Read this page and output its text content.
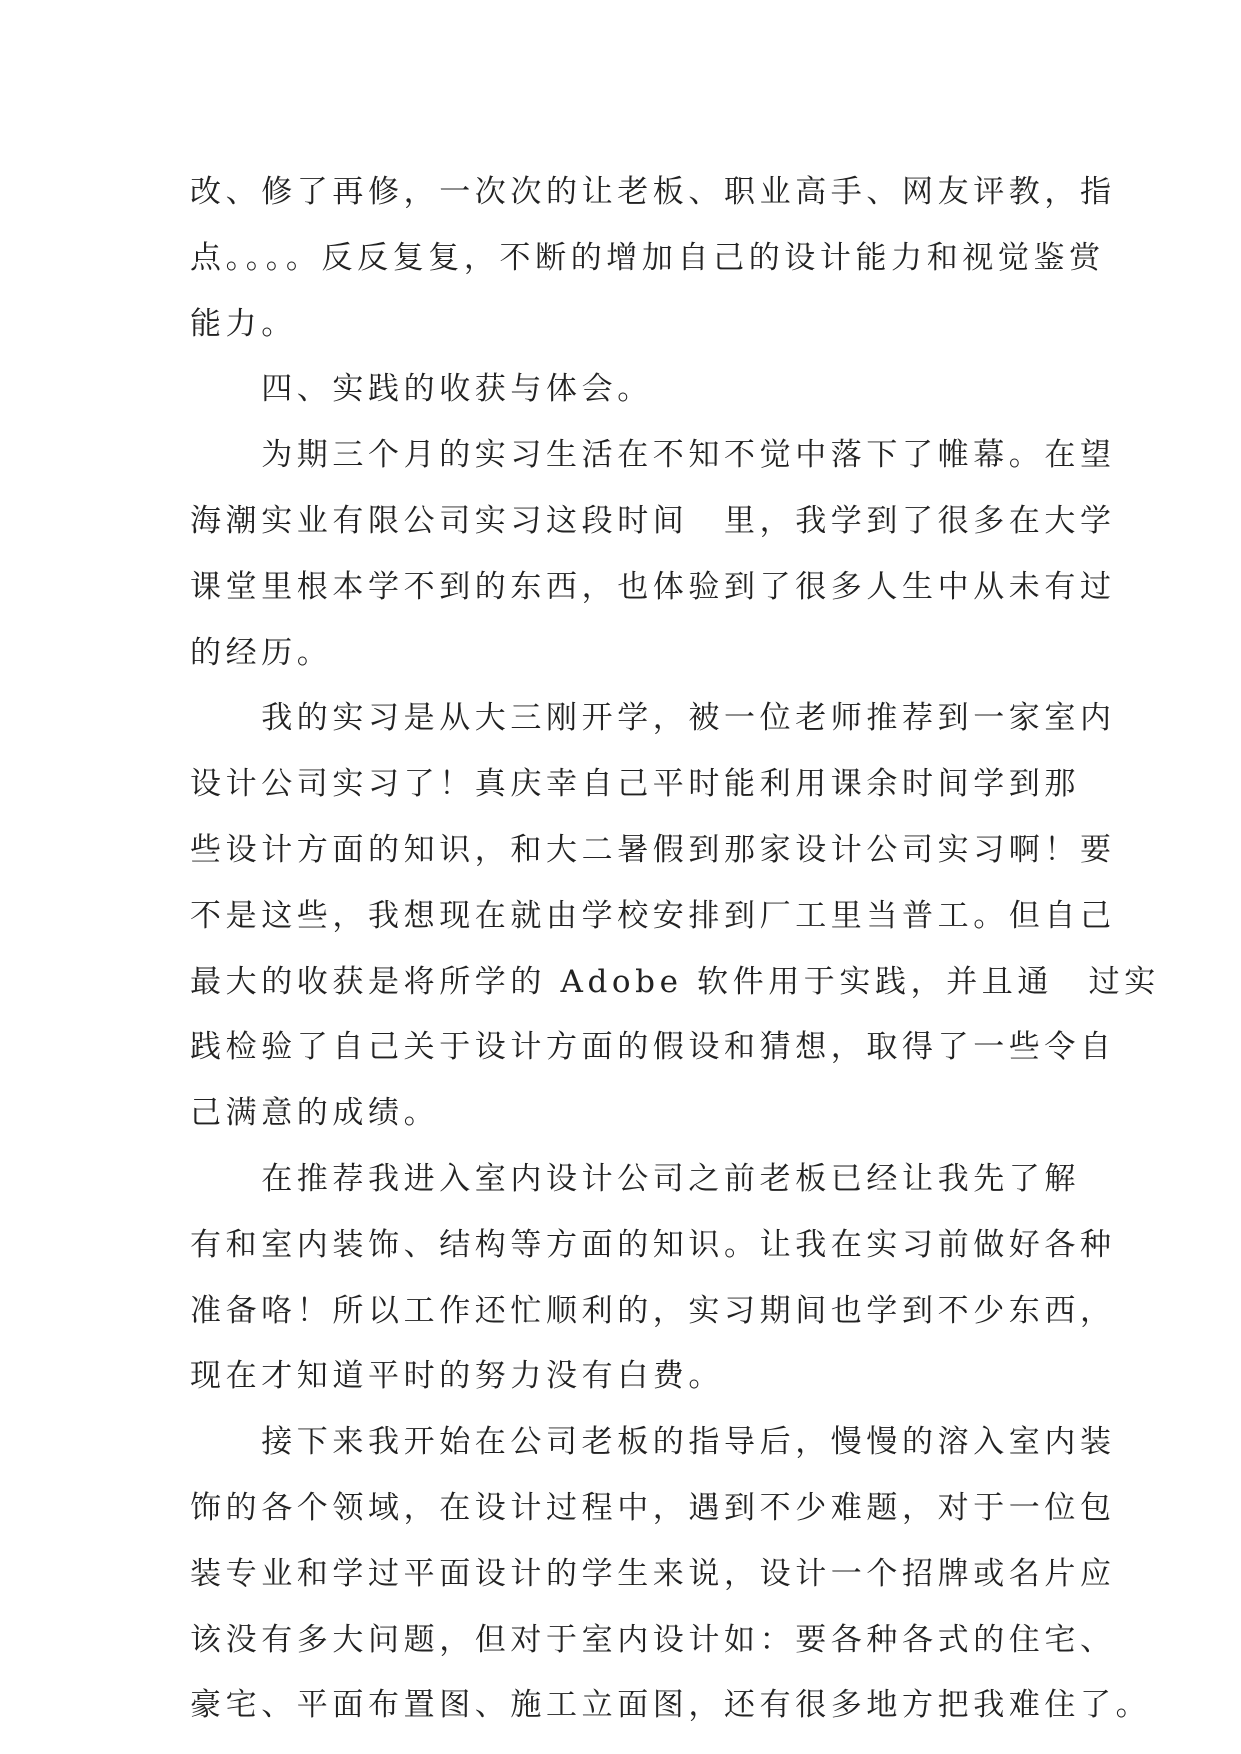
改、修了再修，一次次的让老板、职业高手、网友评教，指
点。。。。反反复复，不断的增加自己的设计能力和视觉鉴赏
能力。
　　四、实践的收获与体会。
　　为期三个月的实习生活在不知不觉中落下了帷幕。在望
海潮实业有限公司实习这段时间　里，我学到了很多在大学
课堂里根本学不到的东西，也体验到了很多人生中从未有过
的经历。
　　我的实习是从大三刚开学，被一位老师推荐到一家室内
设计公司实习了！真庆幸自己平时能利用课余时间学到那
些设计方面的知识，和大二暑假到那家设计公司实习啊！要
不是这些，我想现在就由学校安排到厂工里当普工。但自己
最大的收获是将所学的 Adobe 软件用于实践，并且通　过实
践检验了自己关于设计方面的假设和猜想，取得了一些令自
己满意的成绩。
　　在推荐我进入室内设计公司之前老板已经让我先了解
有和室内装饰、结构等方面的知识。让我在实习前做好各种
准备咯！所以工作还忙顺利的，实习期间也学到不少东西，
现在才知道平时的努力没有白费。
　　接下来我开始在公司老板的指导后，慢慢的溶入室内装
饰的各个领域，在设计过程中，遇到不少难题，对于一位包
装专业和学过平面设计的学生来说，设计一个招牌或名片应
该没有多大问题，但对于室内设计如：要各种各式的住宅、
豪宅、平面布置图、施工立面图，还有很多地方把我难住了。
